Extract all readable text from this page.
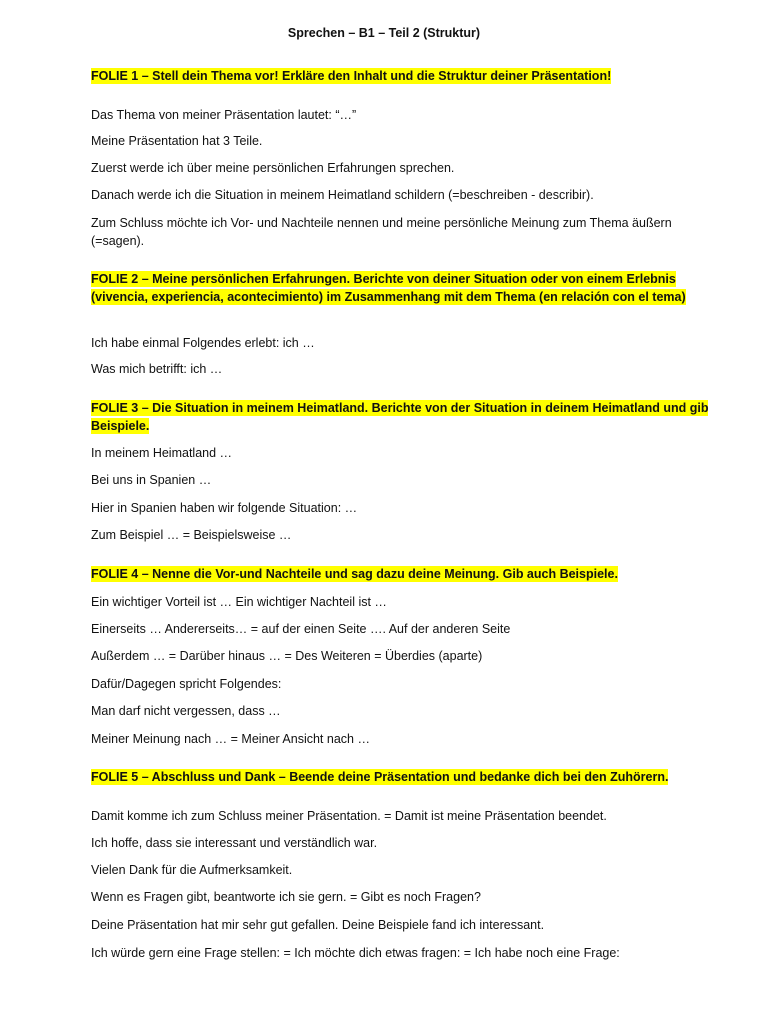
Sprechen – B1 – Teil 2 (Struktur)
FOLIE 1 – Stell dein Thema vor! Erkläre den Inhalt und die Struktur deiner Präsentation!
Das Thema von meiner Präsentation lautet: “…”
Meine Präsentation hat 3 Teile.
Zuerst werde ich über meine persönlichen Erfahrungen sprechen.
Danach werde ich die Situation in meinem Heimatland schildern (=beschreiben - describir).
Zum Schluss möchte ich Vor- und Nachteile nennen und meine persönliche Meinung zum Thema äußern
(=sagen).
FOLIE 2 – Meine persönlichen Erfahrungen. Berichte von deiner Situation oder von einem Erlebnis
(vivencia, experiencia, acontecimiento) im Zusammenhang mit dem Thema (en relación con el tema)
Ich habe einmal Folgendes erlebt: ich …
Was mich betrifft: ich …
FOLIE 3 – Die Situation in meinem Heimatland. Berichte von der Situation in deinem Heimatland und gib
Beispiele.
In meinem Heimatland …
Bei uns in Spanien …
Hier in Spanien haben wir folgende Situation: …
Zum Beispiel … = Beispielsweise …
FOLIE 4 – Nenne die Vor-und Nachteile und sag dazu deine Meinung. Gib auch Beispiele.
Ein wichtiger Vorteil ist … Ein wichtiger Nachteil ist …
Einerseits … Andererseits… = auf der einen Seite …. Auf der anderen Seite
Außerdem … = Darüber hinaus … = Des Weiteren = Überdies (aparte)
Dafür/Dagegen spricht Folgendes:
Man darf nicht vergessen, dass …
Meiner Meinung nach … = Meiner Ansicht nach …
FOLIE 5 – Abschluss und Dank – Beende deine Präsentation und bedanke dich bei den Zuhörern.
Damit komme ich zum Schluss meiner Präsentation. = Damit ist meine Präsentation beendet.
Ich hoffe, dass sie interessant und verständlich war.
Vielen Dank für die Aufmerksamkeit.
Wenn es Fragen gibt, beantworte ich sie gern. = Gibt es noch Fragen?
Deine Präsentation hat mir sehr gut gefallen. Deine Beispiele fand ich interessant.
Ich würde gern eine Frage stellen: = Ich möchte dich etwas fragen: = Ich habe noch eine Frage:
